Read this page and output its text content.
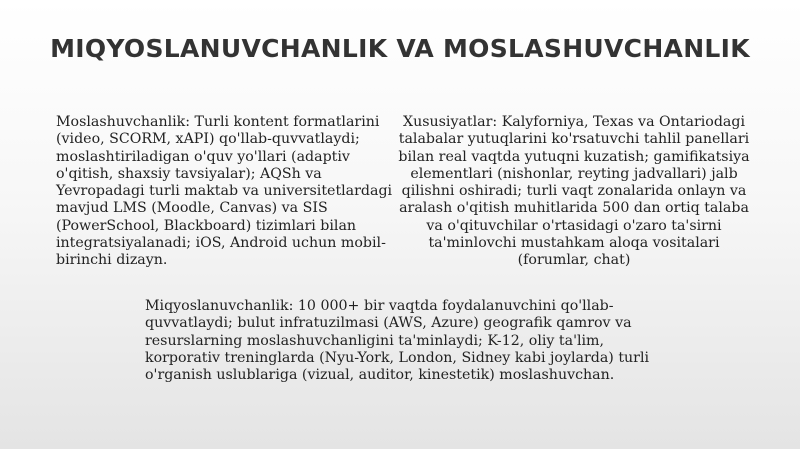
MIQYOSLANUVCHANLIK VA MOSLASHUVCHANLIK

Moslashuvchanlik: Turli kontent formatlarini (video, SCORM, xAPI) qo'llab-quvvatlaydi; moslashtiriladigan o'quv yo'llari (adaptiv o'qitish, shaxsiy tavsiyalar); AQSh va Yevropadagi turli maktab va universitetlardagi mavjud LMS (Moodle, Canvas) va SIS (PowerSchool, Blackboard) tizimlari bilan integratsiyalanadi; iOS, Android uchun mobil-birinchi dizayn.

Xususiyatlar: Kalyforniya, Texas va Ontariodagi talabalar yutuqlarini ko'rsatuvchi tahlil panellari bilan real vaqtda yutuqni kuzatish; gamifikatsiya elementlari (nishonlar, reyting jadvallari) jalb qilishni oshiradi; turli vaqt zonalarida onlayn va aralash o'qitish muhitlarida 500 dan ortiq talaba va o'qituvchilar o'rtasidagi o'zaro ta'sirni ta'minlovchi mustahkam aloqa vositalari (forumlar, chat)

Miqyoslanuvchanlik: 10 000+ bir vaqtda foydalanuvchini qo'llab-quvvatlaydi; bulut infratuzilmasi (AWS, Azure) geografik qamrov va resurslarning moslashuvchanligini ta'minlaydi; K-12, oliy ta'lim, korporativ treninglarda (Nyu-York, London, Sidney kabi joylarda) turli o'rganish uslublariga (vizual, auditor, kinestetik) moslashuvchan.
